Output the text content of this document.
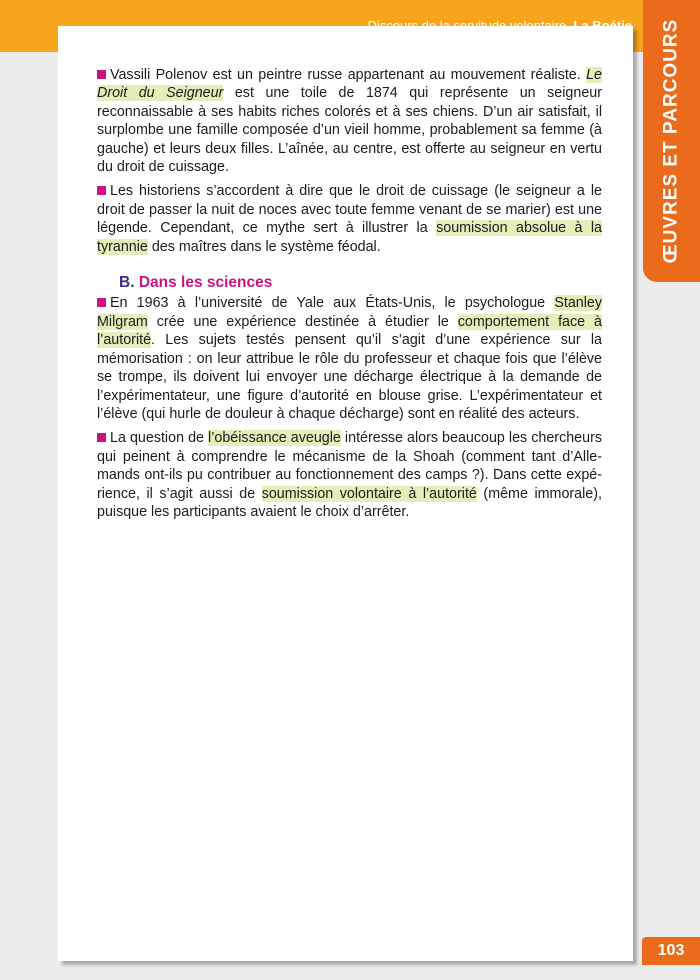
ŒUVRES ET PARCOURS

Vassili Polenov est un peintre russe appartenant au mouvement réaliste. Le Droit du Seigneur est une toile de 1874 qui représente un seigneur reconnaissable à ses habits riches colorés et à ses chiens. D’un air satisfait, il surplombe une famille composée d’un vieil homme, probablement sa femme (à gauche) et leurs deux filles. L’aînée, au centre, est offerte au seigneur en vertu du droit de cuissage.

Les historiens s’accordent à dire que le droit de cuissage (le seigneur a le droit de passer la nuit de noces avec toute femme venant de se marier) est une légende. Cependant, ce mythe sert à illustrer la soumission absolue à la tyrannie des maîtres dans le système féodal.

B. Dans les sciences

En 1963 à l’université de Yale aux États-Unis, le psychologue Stanley Milgram crée une expérience destinée à étudier le comportement face à l’autorité. Les sujets testés pensent qu’il s’agit d’une expérience sur la mémorisation : on leur attribue le rôle du professeur et chaque fois que l’élève se trompe, ils doivent lui envoyer une décharge électrique à la demande de l’expérimentateur, une figure d’autorité en blouse grise. L’expérimentateur et l’élève (qui hurle de douleur à chaque décharge) sont en réalité des acteurs.

La question de l’obéissance aveugle intéresse alors beaucoup les chercheurs qui peinent à comprendre le mécanisme de la Shoah (comment tant d’Allemands ont-ils pu contribuer au fonctionnement des camps ?). Dans cette expérience, il s’agit aussi de soumission volontaire à l’autorité (même immorale), puisque les participants avaient le choix d’arrêter.

103
